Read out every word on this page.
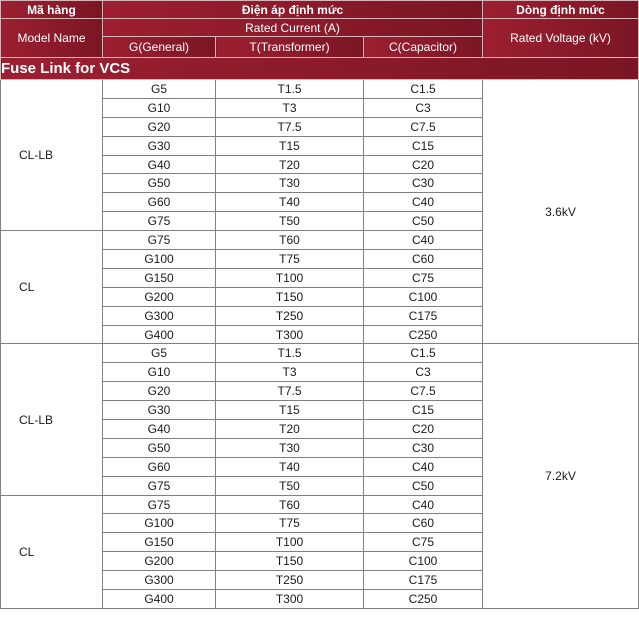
Mã hàng	Điện áp định mức			Dòng định mức
Model Name	Rated Current (A)			Rated Voltage (kV)
	G(General)	T(Transformer)	C(Capacitor)	
Fuse Link for VCS				
CL-LB	G5	T1.5	C1.5	3.6kV
	G10	T3	C3	
	G20	T7.5	C7.5	
	G30	T15	C15	
	G40	T20	C20	
	G50	T30	C30	
	G60	T40	C40	
	G75	T50	C50	
CL	G75	T60	C40	
	G100	T75	C60	
	G150	T100	C75	
	G200	T150	C100	
	G300	T250	C175	
	G400	T300	C250	
CL-LB	G5	T1.5	C1.5	7.2kV
	G10	T3	C3	
	G20	T7.5	C7.5	
	G30	T15	C15	
	G40	T20	C20	
	G50	T30	C30	
	G60	T40	C40	
	G75	T50	C50	
CL	G75	T60	C40	
	G100	T75	C60	
	G150	T100	C75	
	G200	T150	C100	
	G300	T250	C175	
	G400	T300	C250	
